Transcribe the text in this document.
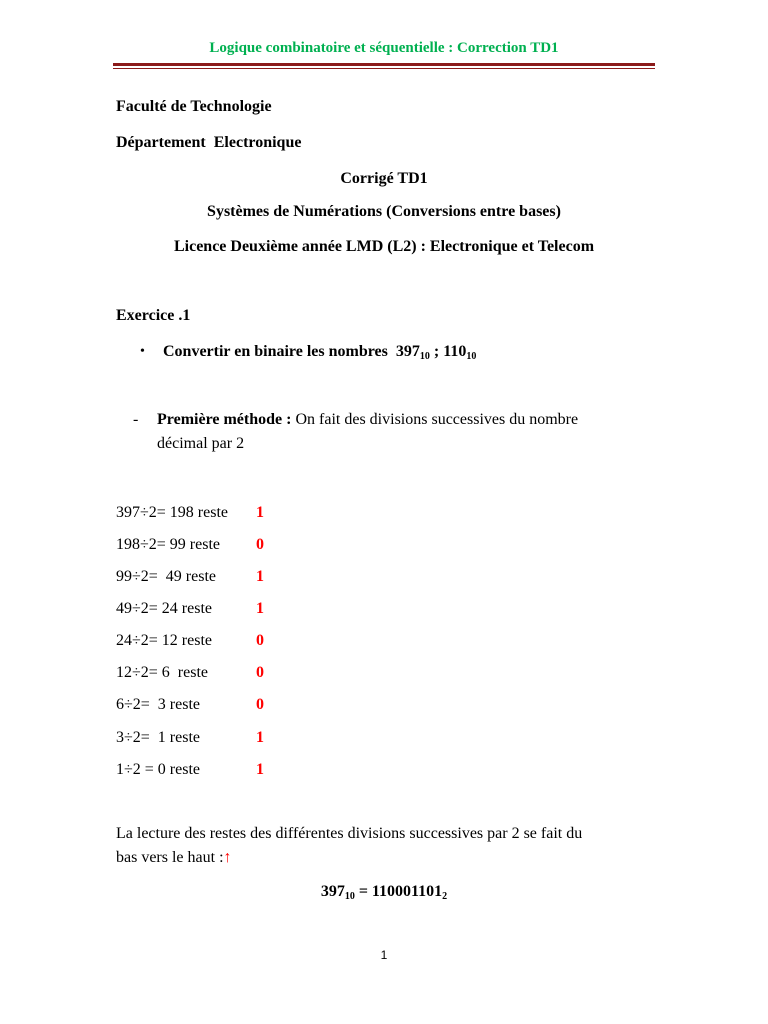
Logique combinatoire et séquentielle : Correction TD1
Faculté de Technologie
Département  Electronique
Corrigé TD1
Systèmes de Numérations (Conversions entre bases)
Licence Deuxième année LMD (L2) : Electronique et Telecom
Exercice .1
• Convertir en binaire les nombres  $397_{10}$ ; $110_{10}$
- Première méthode : On fait des divisions successives du nombre
décimal par 2
397÷2= 198 reste 1
198÷2= 99 reste 0
99÷2=  49 reste 1
49÷2= 24 reste	1
24÷2= 12 reste	0
12÷2= 6  reste	0
6÷2=  3 reste	0
3÷2=  1 reste	1
1÷2 = 0 reste	1
La lecture des restes des différentes divisions successives par 2 se fait du
bas vers le haut :↑
$397_{10} = 110001101_2$
1
